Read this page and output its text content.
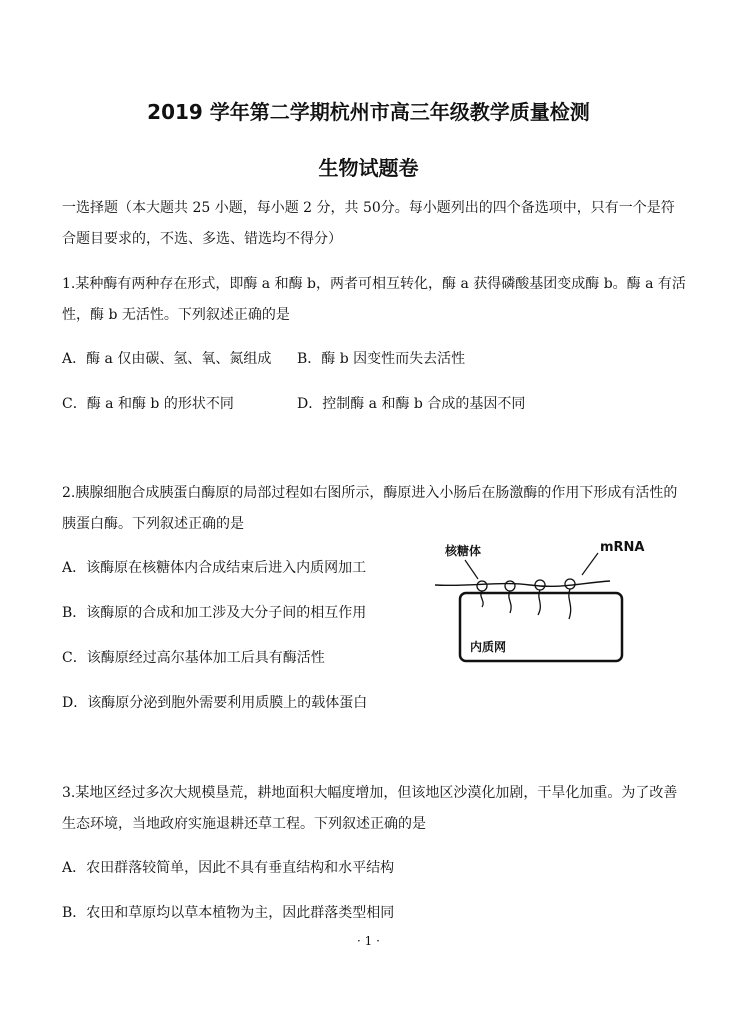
2019 学年第二学期杭州市高三年级教学质量检测
生物试题卷
一选择题（本大题共 25 小题，每小题 2 分，共 50分。每小题列出的四个备选项中，只有一个是符
合题目要求的，不选、多选、错选均不得分）
1.某种酶有两种存在形式，即酶 a 和酶 b，两者可相互转化，酶 a 获得磷酸基团变成酶 b。酶 a 有活
性，酶 b 无活性。下列叙述正确的是
A．酶 a 仅由碳、氢、氧、氮组成 B．酶 b 因变性而失去活性
C．酶 a 和酶 b 的形状不同	D．控制酶 a 和酶 b 合成的基因不同
2.胰腺细胞合成胰蛋白酶原的局部过程如右图所示，酶原进入小肠后在肠激酶的作用下形成有活性的
胰蛋白酶。下列叙述正确的是
A．该酶原在核糖体内合成结束后进入内质网加工
B．该酶原的合成和加工涉及大分子间的相互作用
C．该酶原经过高尔基体加工后具有酶活性
D．该酶原分泌到胞外需要利用质膜上的载体蛋白
核糖体	mRNA
内质网
3.某地区经过多次大规模垦荒，耕地面积大幅度增加，但该地区沙漠化加剧，干旱化加重。为了改善
生态环境，当地政府实施退耕还草工程。下列叙述正确的是
A．农田群落较简单，因此不具有垂直结构和水平结构
B．农田和草原均以草本植物为主，因此群落类型相同
· 1 ·
